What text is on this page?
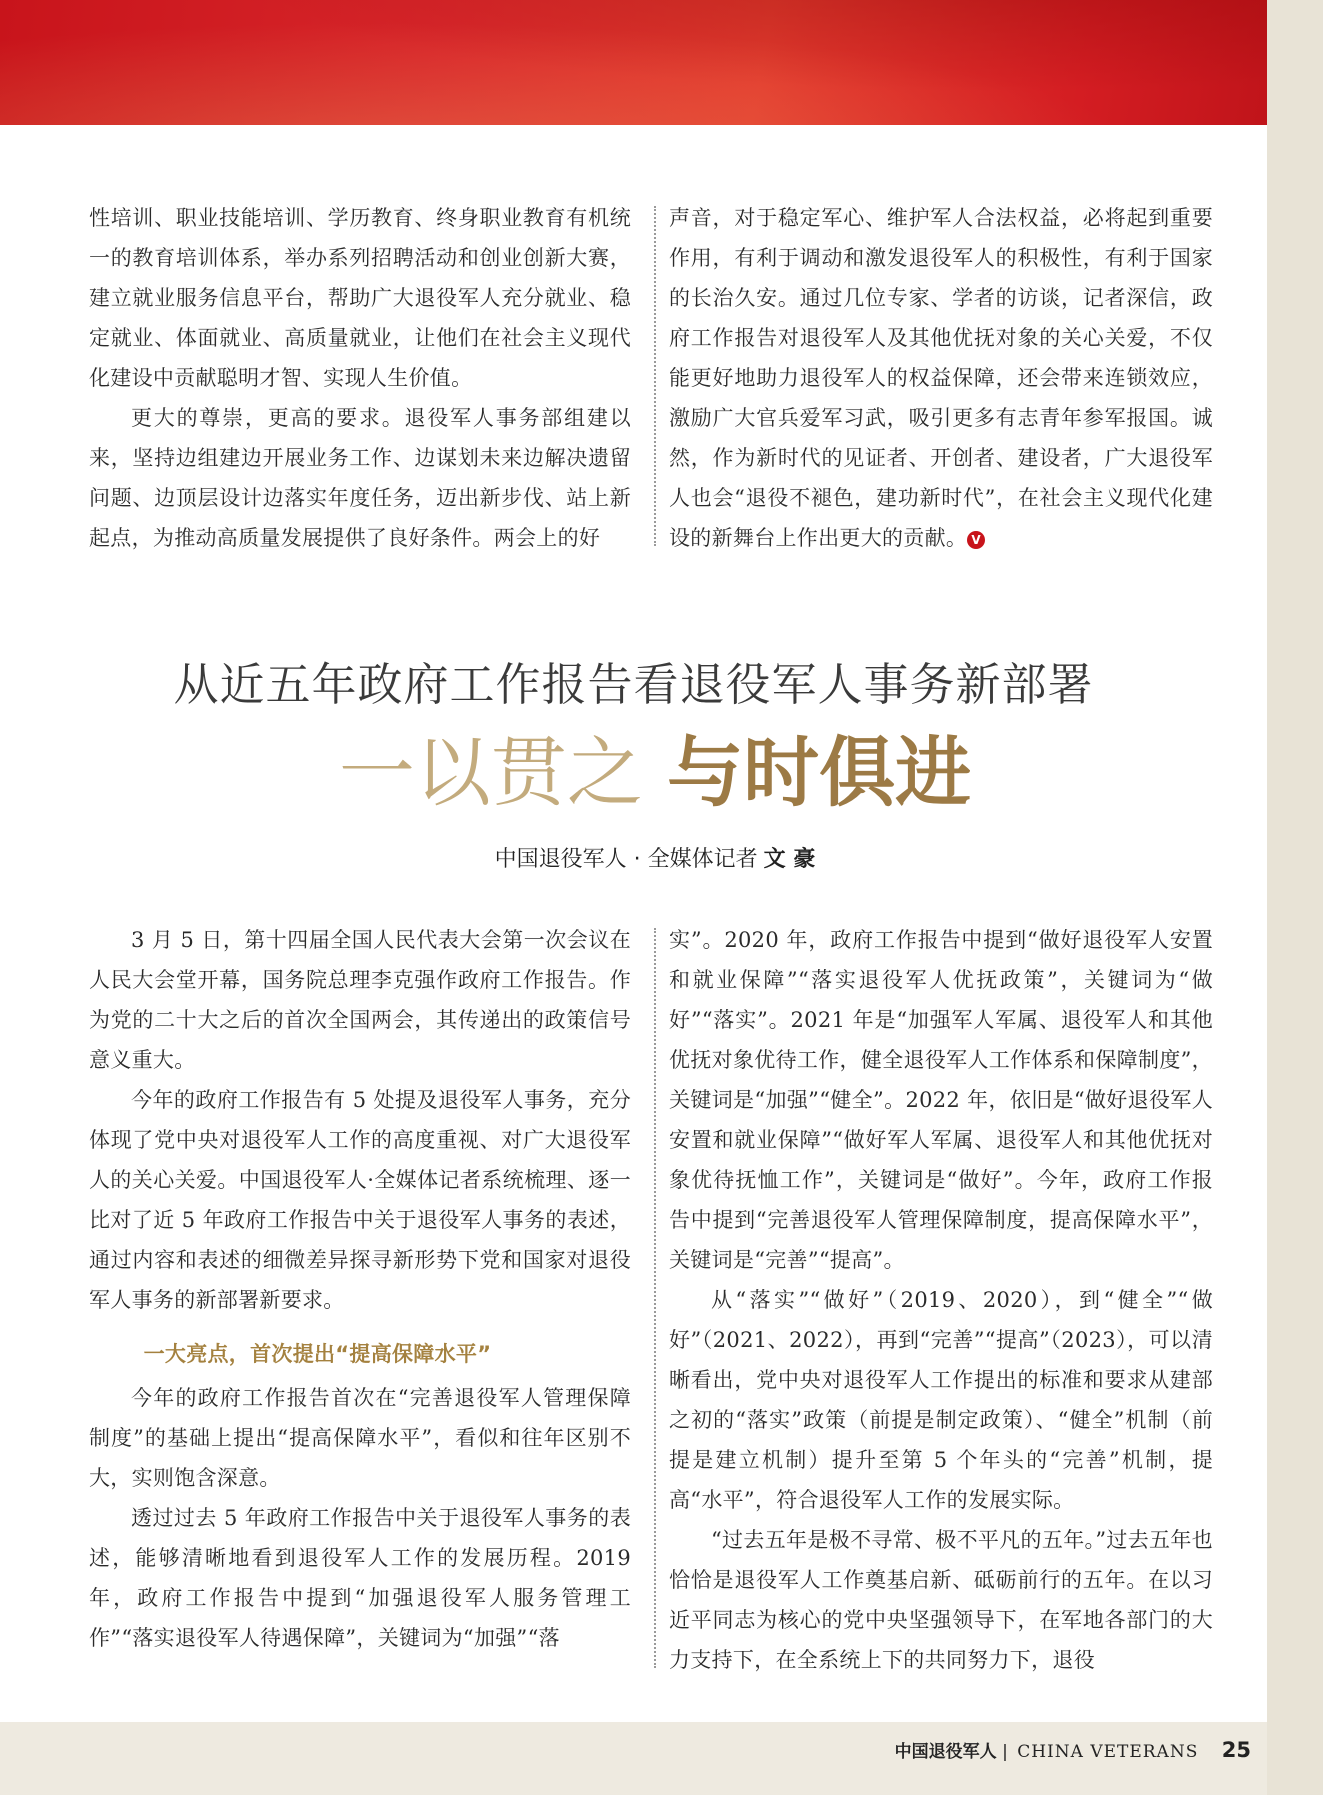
性培训、职业技能培训、学历教育、终身职业教育有机统一的教育培训体系，举办系列招聘活动和创业创新大赛，建立就业服务信息平台，帮助广大退役军人充分就业、稳定就业、体面就业、高质量就业，让他们在社会主义现代化建设中贡献聪明才智、实现人生价值。

更大的尊崇，更高的要求。退役军人事务部组建以来，坚持边组建边开展业务工作、边谋划未来边解决遗留问题、边顶层设计边落实年度任务，迈出新步伐、站上新起点，为推动高质量发展提供了良好条件。两会上的好

声音，对于稳定军心、维护军人合法权益，必将起到重要作用，有利于调动和激发退役军人的积极性，有利于国家的长治久安。通过几位专家、学者的访谈，记者深信，政府工作报告对退役军人及其他优抚对象的关心关爱，不仅能更好地助力退役军人的权益保障，还会带来连锁效应，激励广大官兵爱军习武，吸引更多有志青年参军报国。诚然，作为新时代的见证者、开创者、建设者，广大退役军人也会“退役不褪色，建功新时代”，在社会主义现代化建设的新舞台上作出更大的贡献。 V

从近五年政府工作报告看退役军人事务新部署
一以贯之 与时俱进
中国退役军人 · 全媒体记者 文 豪

3 月 5 日，第十四届全国人民代表大会第一次会议在人民大会堂开幕，国务院总理李克强作政府工作报告。作为党的二十大之后的首次全国两会，其传递出的政策信号意义重大。

今年的政府工作报告有 5 处提及退役军人事务，充分体现了党中央对退役军人工作的高度重视、对广大退役军人的关心关爱。中国退役军人·全媒体记者系统梳理、逐一比对了近 5 年政府工作报告中关于退役军人事务的表述，通过内容和表述的细微差异探寻新形势下党和国家对退役军人事务的新部署新要求。

一大亮点，首次提出“提高保障水平”

今年的政府工作报告首次在“完善退役军人管理保障制度”的基础上提出“提高保障水平”，看似和往年区别不大，实则饱含深意。

透过过去 5 年政府工作报告中关于退役军人事务的表述，能够清晰地看到退役军人工作的发展历程。2019 年，政府工作报告中提到“加强退役军人服务管理工作”“落实退役军人待遇保障”，关键词为“加强”“落

实”。2020 年，政府工作报告中提到“做好退役军人安置和就业保障”“落实退役军人优抚政策”，关键词为“做好”“落实”。2021 年是“加强军人军属、退役军人和其他优抚对象优待工作，健全退役军人工作体系和保障制度”，关键词是“加强”“健全”。2022 年，依旧是“做好退役军人安置和就业保障”“做好军人军属、退役军人和其他优抚对象优待抚恤工作”，关键词是“做好”。今年，政府工作报告中提到“完善退役军人管理保障制度，提高保障水平”，关键词是“完善”“提高”。

从“落实”“做好”（2019、2020），到“健全”“做好”（2021、2022），再到“完善”“提高”（2023），可以清晰看出，党中央对退役军人工作提出的标准和要求从建部之初的“落实”政策（前提是制定政策）、“健全”机制（前提是建立机制）提升至第 5 个年头的“完善”机制，提高“水平”，符合退役军人工作的发展实际。

“过去五年是极不寻常、极不平凡的五年。”过去五年也恰恰是退役军人工作奠基启新、砥砺前行的五年。在以习近平同志为核心的党中央坚强领导下，在军地各部门的大力支持下，在全系统上下的共同努力下，退役

中国退役军人 | CHINA VETERANS 25
